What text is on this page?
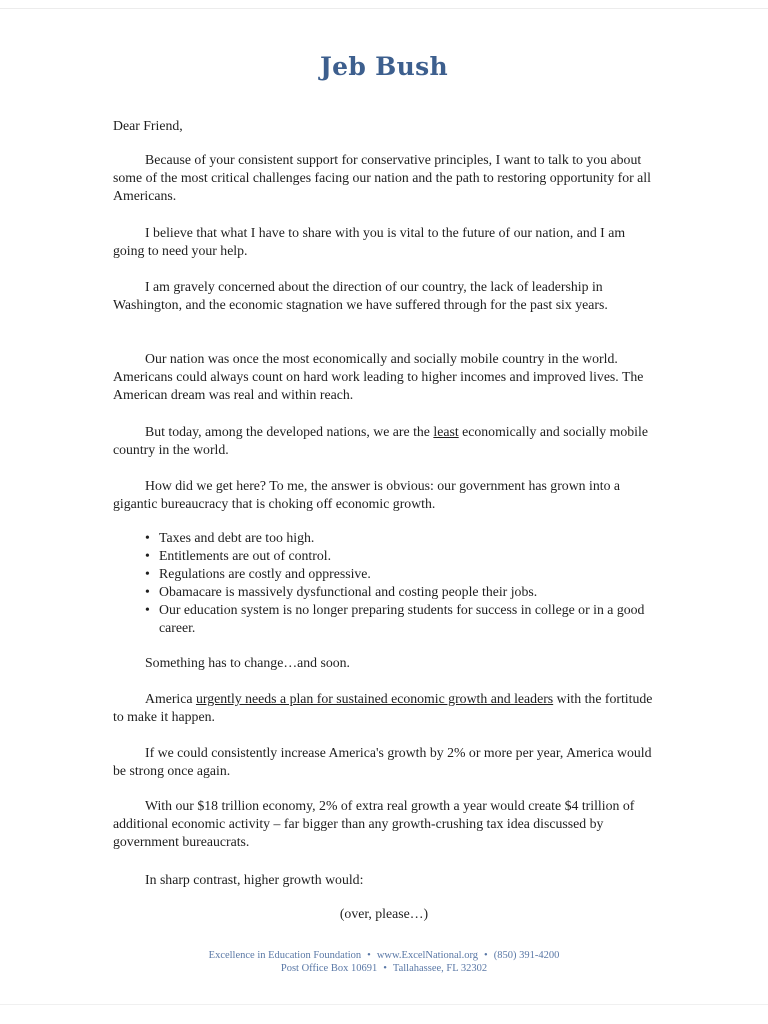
Jeb Bush
Dear Friend,

Because of your consistent support for conservative principles, I want to talk to you about some of the most critical challenges facing our nation and the path to restoring opportunity for all Americans.

I believe that what I have to share with you is vital to the future of our nation, and I am going to need your help.

I am gravely concerned about the direction of our country, the lack of leadership in Washington, and the economic stagnation we have suffered through for the past six years.

Our nation was once the most economically and socially mobile country in the world. Americans could always count on hard work leading to higher incomes and improved lives. The American dream was real and within reach.

But today, among the developed nations, we are the least economically and socially mobile country in the world.

How did we get here? To me, the answer is obvious: our government has grown into a gigantic bureaucracy that is choking off economic growth.

• Taxes and debt are too high.
• Entitlements are out of control.
• Regulations are costly and oppressive.
• Obamacare is massively dysfunctional and costing people their jobs.
• Our education system is no longer preparing students for success in college or in a good career.

Something has to change…and soon.

America urgently needs a plan for sustained economic growth and leaders with the fortitude to make it happen.

If we could consistently increase America's growth by 2% or more per year, America would be strong once again.

With our $18 trillion economy, 2% of extra real growth a year would create $4 trillion of additional economic activity – far bigger than any growth-crushing tax idea discussed by government bureaucrats.

In sharp contrast, higher growth would:

(over, please…)
Excellence in Education Foundation • www.ExcelNational.org • (850) 391-4200
Post Office Box 10691 • Tallahassee, FL 32302
